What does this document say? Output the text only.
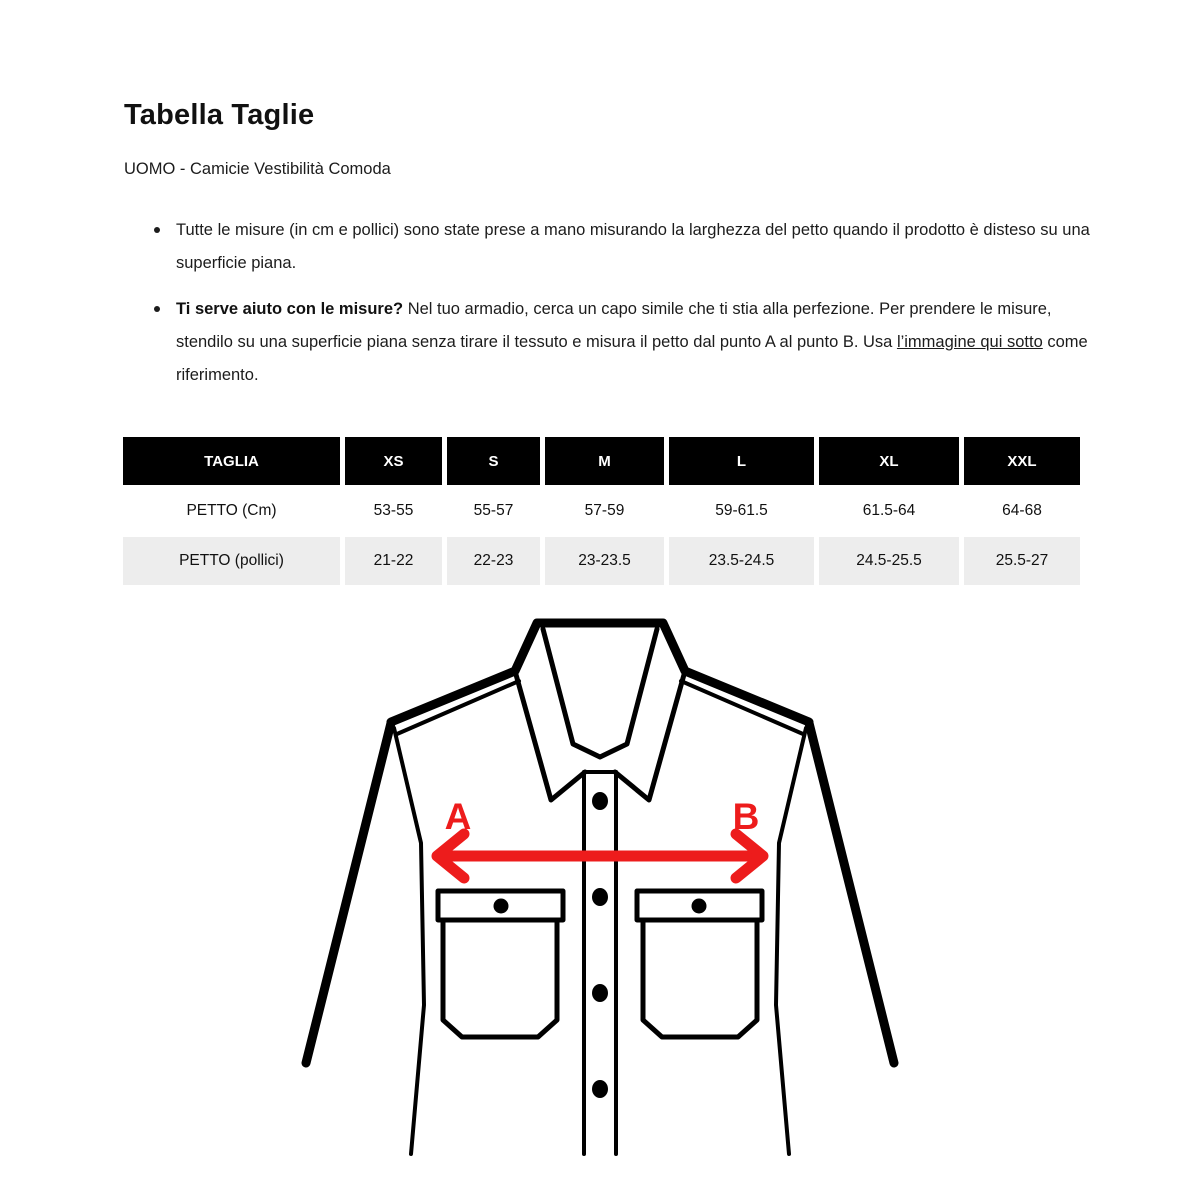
Tabella Taglie

UOMO - Camicie Vestibilità Comoda

Tutte le misure (in cm e pollici) sono state prese a mano misurando la larghezza del petto quando il prodotto è disteso su una superficie piana.
Ti serve aiuto con le misure? Nel tuo armadio, cerca un capo simile che ti stia alla perfezione. Per prendere le misure, stendilo su una superficie piana senza tirare il tessuto e misura il petto dal punto A al punto B. Usa l’immagine qui sotto come riferimento.
TAGLIA	XS	S	M	L	XL	XXL
PETTO (Cm)	53-55	55-57	57-59	59-61.5	61.5-64	64-68
PETTO (pollici)	21-22	22-23	23-23.5	23.5-24.5	24.5-25.5	25.5-27
A	B
